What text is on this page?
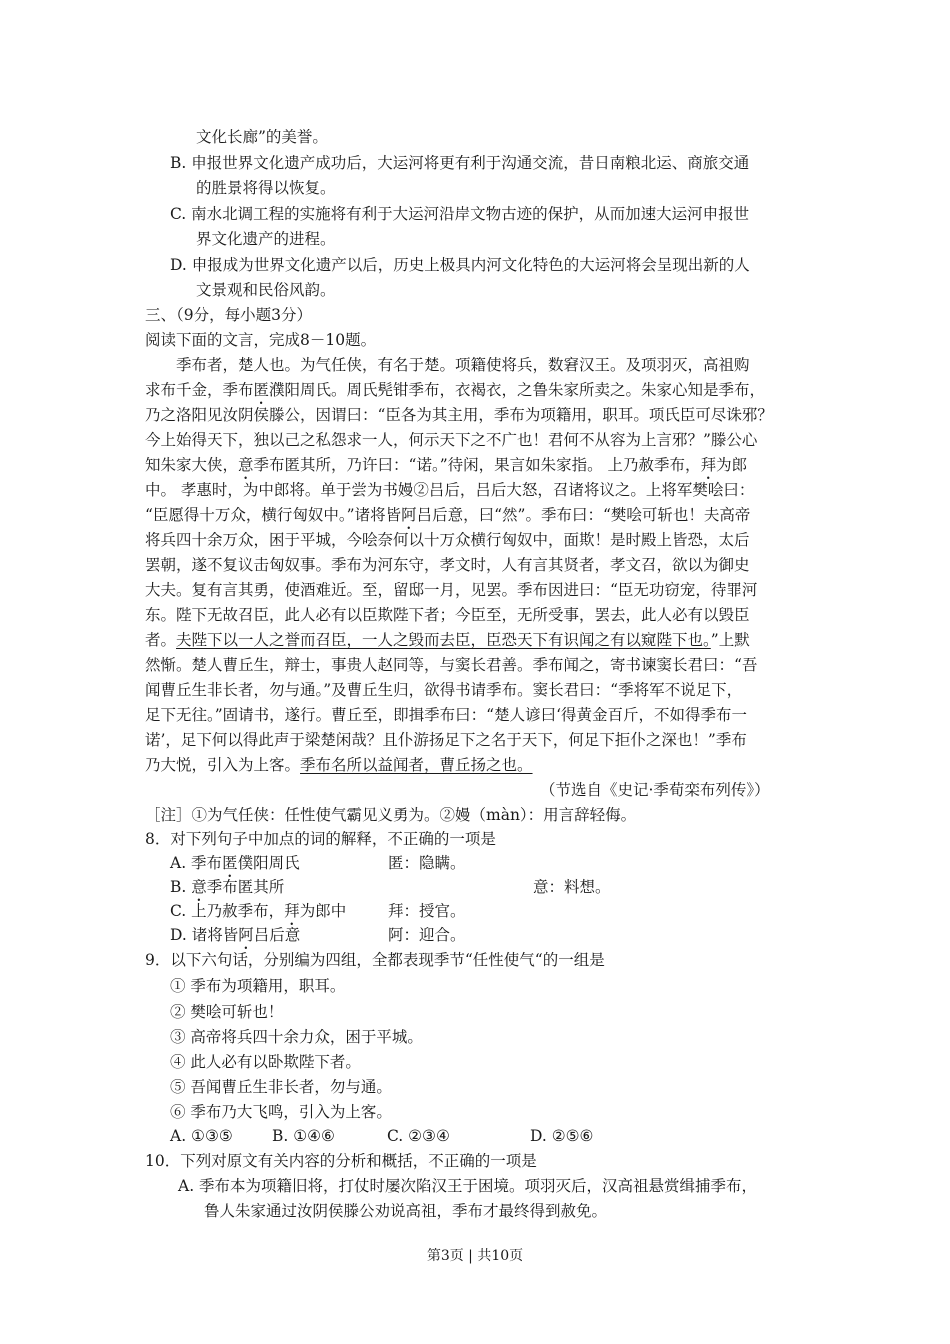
文化长廊”的美誉。
B. 申报世界文化遗产成功后，大运河将更有利于沟通交流，昔日南粮北运、商旅交通
的胜景将得以恢复。
C. 南水北调工程的实施将有利于大运河沿岸文物古迹的保护，从而加速大运河申报世
界文化遗产的进程。
D. 申报成为世界文化遗产以后，历史上极具内河文化特色的大运河将会呈现出新的人
文景观和民俗风韵。
三、（9分，每小题3分）
阅读下面的文言，完成8－10题。
季布者，楚人也。为气任侠，有名于楚。项籍使将兵，数窘汉王。及项羽灭，高祖购
求布千金，季布匿濮阳周氏。周氏髡钳季布，衣褐衣，之鲁朱家所卖之。朱家心知是季布，
乃之洛阳见汝阴侯滕公，因谓曰：“臣各为其主用，季布为项籍用，职耳。项氏臣可尽诛邪？
今上始得天下，独以己之私怨求一人，何示天下之不广也！君何不从容为上言邪？”滕公心
知朱家大侠，意季布匿其所，乃许曰：“诺。”待闲，果言如朱家指。 上乃赦季布，拜为郎
中。 孝惠时，为中郎将。单于尝为书嫚②吕后，吕后大怒，召诸将议之。上将军樊哙曰：
“臣愿得十万众，横行匈奴中。”诸将皆阿吕后意，曰“然”。季布曰：“樊哙可斩也！夫高帝
将兵四十余万众，困于平城，今哙奈何以十万众横行匈奴中，面欺！是时殿上皆恐，太后
罢朝，遂不复议击匈奴事。季布为河东守，孝文时，人有言其贤者，孝文召，欲以为御史
大夫。复有言其勇，使酒难近。至，留邸一月，见罢。季布因进曰：“臣无功窃宠，待罪河
东。陛下无故召臣，此人必有以臣欺陛下者；今臣至，无所受事，罢去，此人必有以毁臣
者。夫陛下以一人之誉而召臣，一人之毁而去臣，臣恐天下有识闻之有以窥陛下也。”上默
然惭。楚人曹丘生，辩士，事贵人赵同等，与窦长君善。季布闻之，寄书谏窦长君曰：“吾
闻曹丘生非长者，勿与通。”及曹丘生归，欲得书请季布。窦长君曰：“季将军不说足下，
足下无往。”固请书，遂行。曹丘至，即揖季布曰：“楚人谚曰‘得黄金百斤，不如得季布一
诺’，足下何以得此声于梁楚闲哉？且仆游扬足下之名于天下，何足下拒仆之深也！”季布
乃大悦，引入为上客。季布名所以益闻者，曹丘扬之也。
（节选自《史记·季荀栾布列传》）
［注］①为气任侠：任性使气霸见义勇为。②嫚（màn）：用言辞轻侮。
8．对下列句子中加点的词的解释，不正确的一项是
A. 季布匿僕阳周氏	匿：隐瞒。
B. 意季布匿其所	意：料想。
C. 上乃赦季布，拜为郎中	拜：授官。
D. 诸将皆阿吕后意	阿：迎合。
9．以下六句话，分别编为四组，全都表现季节“任性使气“的一组是
① 季布为项籍用，职耳。
② 樊哙可斩也！
③ 高帝将兵四十余力众，困于平城。
④ 此人必有以卧欺陛下者。
⑤ 吾闻曹丘生非长者，勿与通。
⑥ 季布乃大飞鸣，引入为上客。
A. ①③⑤	B. ①④⑥	C. ②③④	D. ②⑤⑥
10．下列对原文有关内容的分析和概括，不正确的一项是
A. 季布本为项籍旧将，打仗时屡次陷汉王于困境。项羽灭后，汉高祖悬赏缉捕季布，
鲁人朱家通过汝阴侯滕公劝说高祖，季布才最终得到赦免。
第3页 | 共10页
